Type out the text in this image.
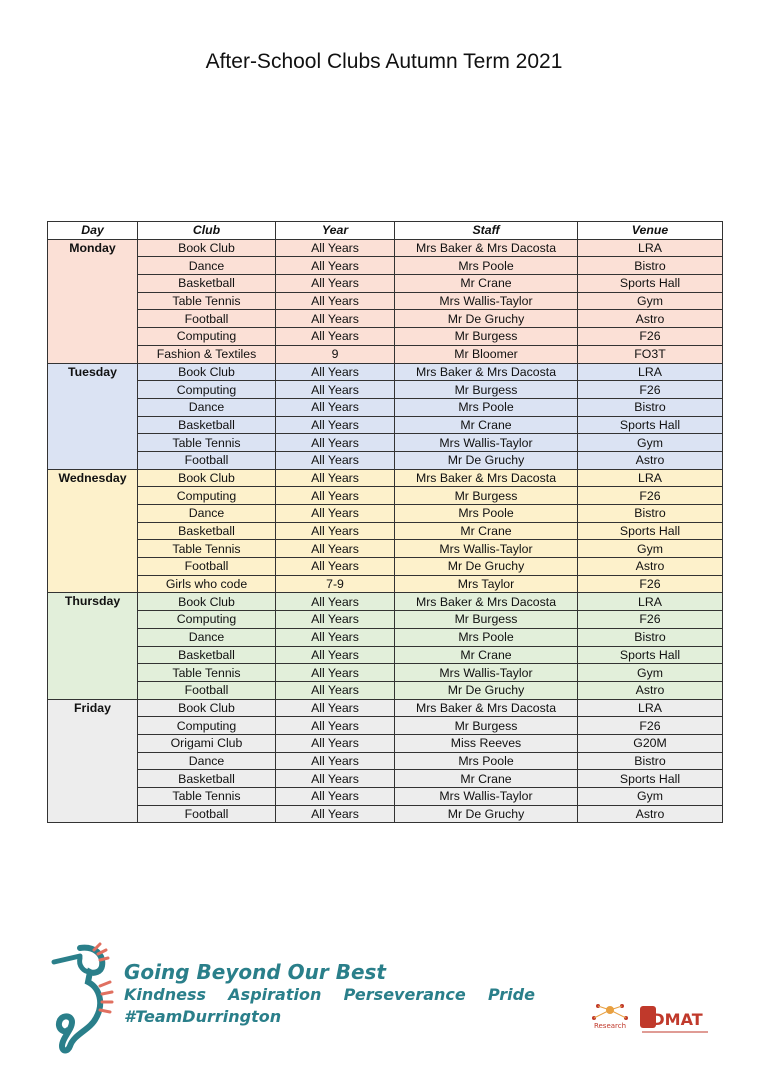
After-School Clubs Autumn Term 2021
Day	Club	Year	Staff	Venue
Monday	Book Club	All Years	Mrs Baker & Mrs Dacosta	LRA
	Dance	All Years	Mrs Poole	Bistro
	Basketball	All Years	Mr Crane	Sports Hall
	Table Tennis	All Years	Mrs Wallis-Taylor	Gym
	Football	All Years	Mr De Gruchy	Astro
	Computing	All Years	Mr Burgess	F26
	Fashion & Textiles	9	Mr Bloomer	FO3T
Tuesday	Book Club	All Years	Mrs Baker & Mrs Dacosta	LRA
	Computing	All Years	Mr Burgess	F26
	Dance	All Years	Mrs Poole	Bistro
	Basketball	All Years	Mr Crane	Sports Hall
	Table Tennis	All Years	Mrs Wallis-Taylor	Gym
	Football	All Years	Mr De Gruchy	Astro
Wednesday	Book Club	All Years	Mrs Baker & Mrs Dacosta	LRA
	Computing	All Years	Mr Burgess	F26
	Dance	All Years	Mrs Poole	Bistro
	Basketball	All Years	Mr Crane	Sports Hall
	Table Tennis	All Years	Mrs Wallis-Taylor	Gym
	Football	All Years	Mr De Gruchy	Astro
	Girls who code	7-9	Mrs Taylor	F26
Thursday	Book Club	All Years	Mrs Baker & Mrs Dacosta	LRA
	Computing	All Years	Mr Burgess	F26
	Dance	All Years	Mrs Poole	Bistro
	Basketball	All Years	Mr Crane	Sports Hall
	Table Tennis	All Years	Mrs Wallis-Taylor	Gym
	Football	All Years	Mr De Gruchy	Astro
Friday	Book Club	All Years	Mrs Baker & Mrs Dacosta	LRA
	Computing	All Years	Mr Burgess	F26
	Origami Club	All Years	Miss Reeves	G20M
	Dance	All Years	Mrs Poole	Bistro
	Basketball	All Years	Mr Crane	Sports Hall
	Table Tennis	All Years	Mrs Wallis-Taylor	Gym
	Football	All Years	Mr De Gruchy	Astro
Going Beyond Our Best
Kindness    Aspiration    Perseverance    Pride
#TeamDurrington	Research DMAT
